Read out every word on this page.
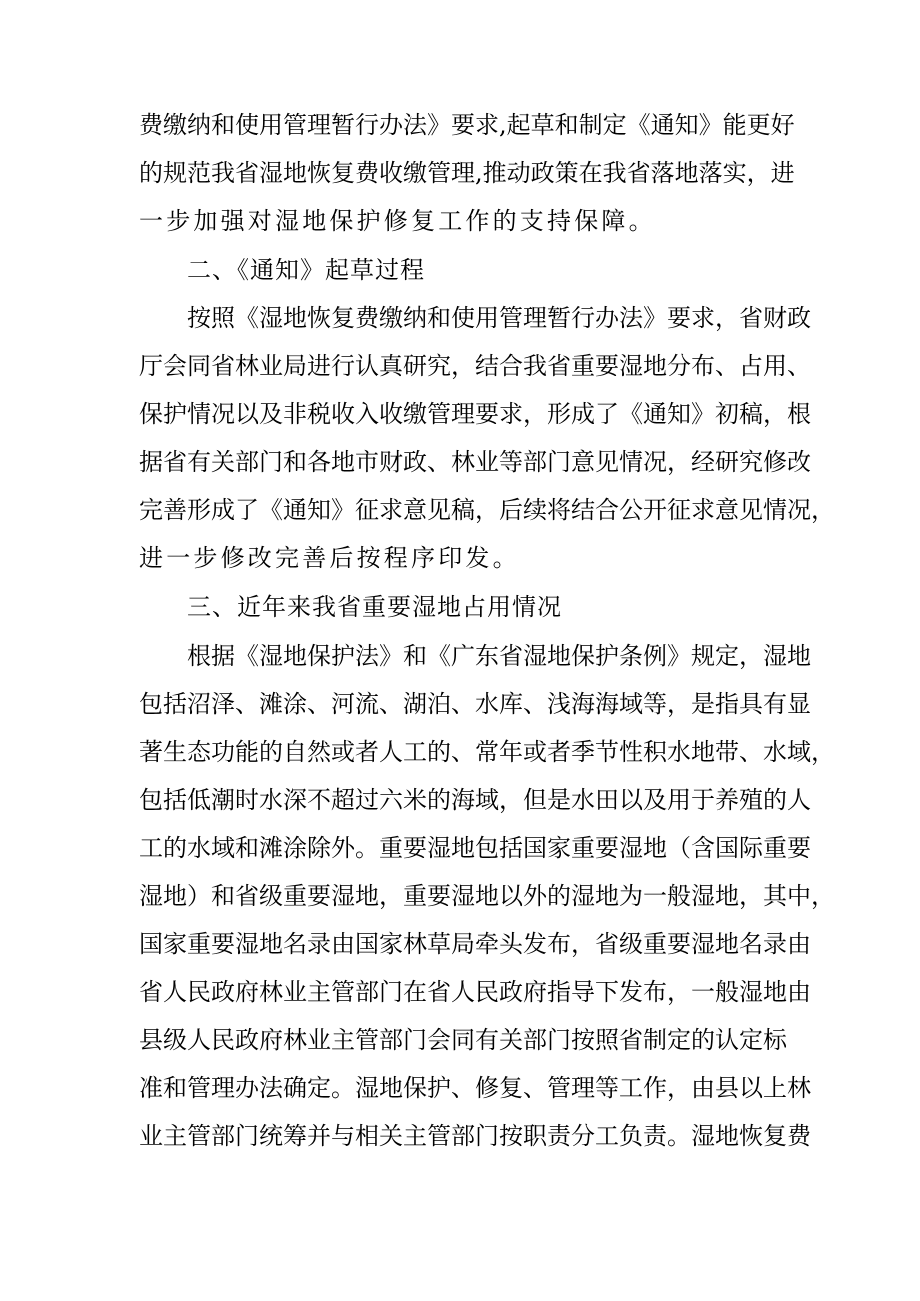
费缴纳和使用管理暂行办法》要求,起草和制定《通知》能更好
的规范我省湿地恢复费收缴管理,推动政策在我省落地落实，进
一步加强对湿地保护修复工作的支持保障。
二、《通知》起草过程
按照《湿地恢复费缴纳和使用管理暂行办法》要求，省财政
厅会同省林业局进行认真研究，结合我省重要湿地分布、占用、
保护情况以及非税收入收缴管理要求，形成了《通知》初稿，根
据省有关部门和各地市财政、林业等部门意见情况，经研究修改
完善形成了《通知》征求意见稿，后续将结合公开征求意见情况，
进一步修改完善后按程序印发。
三、近年来我省重要湿地占用情况
根据《湿地保护法》和《广东省湿地保护条例》规定，湿地
包括沼泽、滩涂、河流、湖泊、水库、浅海海域等，是指具有显
著生态功能的自然或者人工的、常年或者季节性积水地带、水域，
包括低潮时水深不超过六米的海域，但是水田以及用于养殖的人
工的水域和滩涂除外。重要湿地包括国家重要湿地（含国际重要
湿地）和省级重要湿地，重要湿地以外的湿地为一般湿地，其中，
国家重要湿地名录由国家林草局牵头发布，省级重要湿地名录由
省人民政府林业主管部门在省人民政府指导下发布，一般湿地由
县级人民政府林业主管部门会同有关部门按照省制定的认定标
准和管理办法确定。湿地保护、修复、管理等工作，由县以上林
业主管部门统筹并与相关主管部门按职责分工负责。湿地恢复费
